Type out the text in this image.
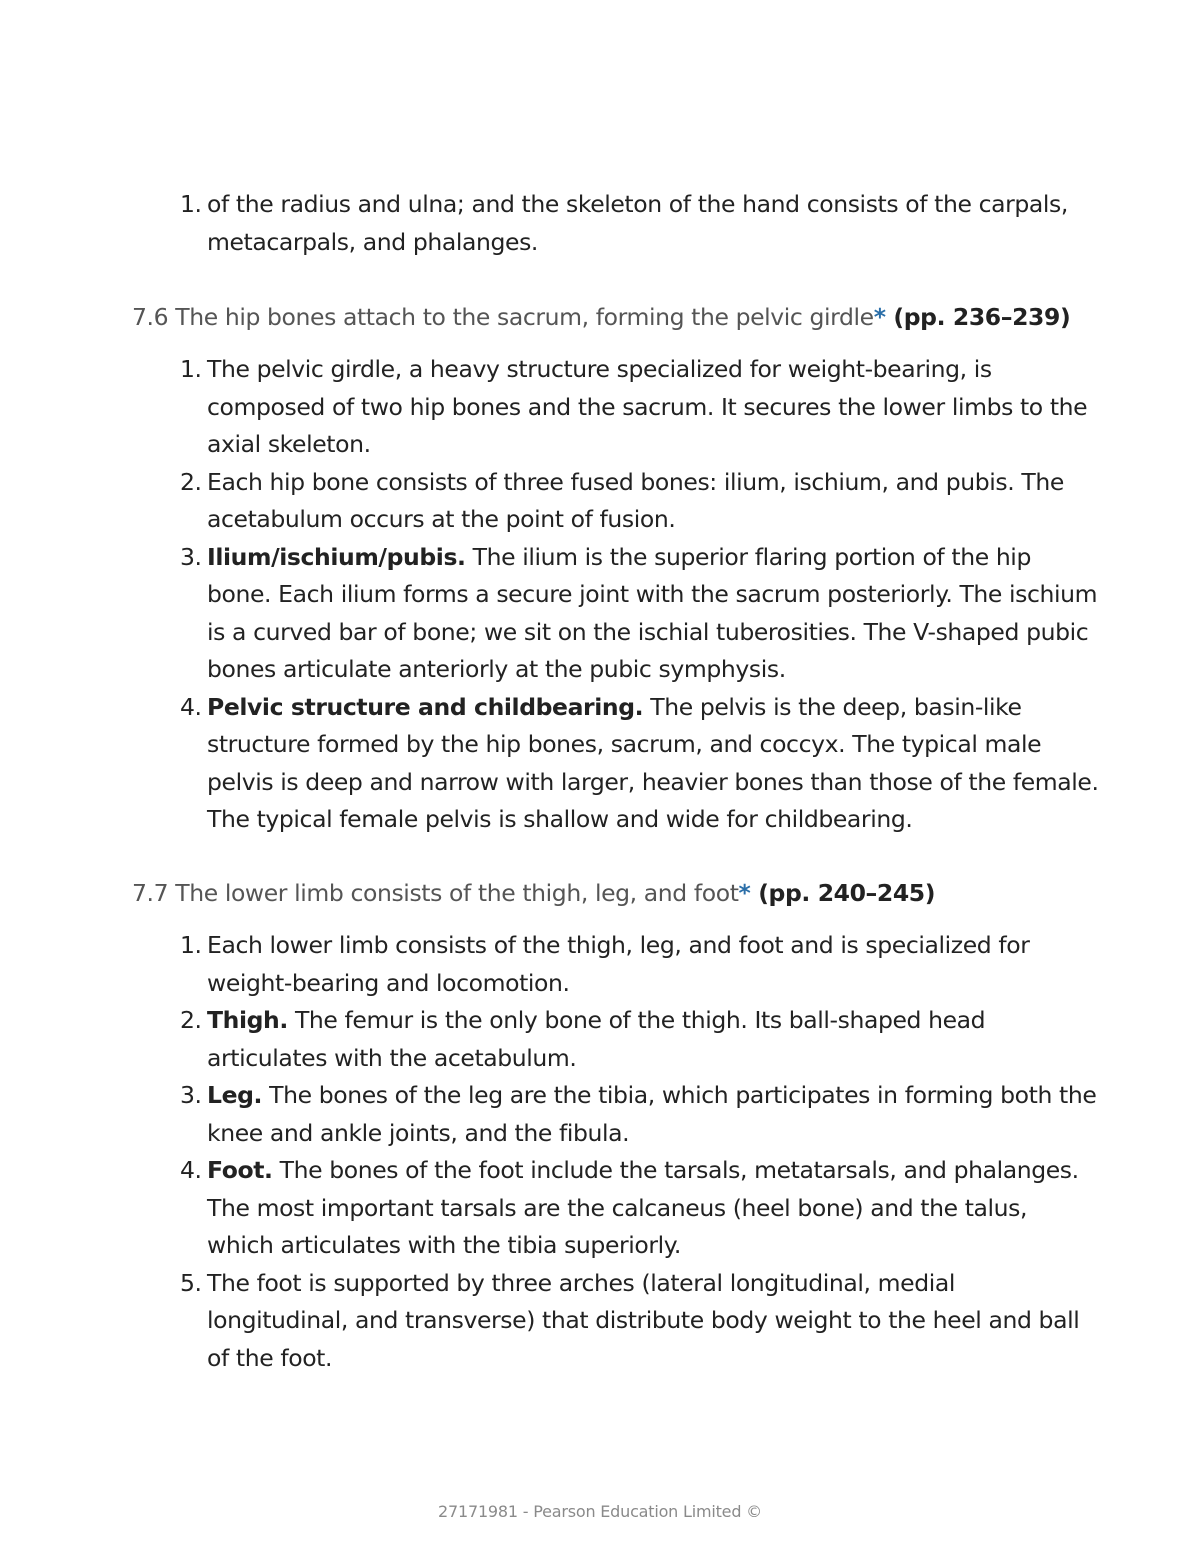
1. of the radius and ulna; and the skeleton of the hand consists of the carpals, metacarpals, and phalanges.
7.6 The hip bones attach to the sacrum, forming the pelvic girdle* (pp. 236–239)
1. The pelvic girdle, a heavy structure specialized for weight-bearing, is composed of two hip bones and the sacrum. It secures the lower limbs to the axial skeleton.
2. Each hip bone consists of three fused bones: ilium, ischium, and pubis. The acetabulum occurs at the point of fusion.
3. Ilium/ischium/pubis. The ilium is the superior flaring portion of the hip bone. Each ilium forms a secure joint with the sacrum posteriorly. The ischium is a curved bar of bone; we sit on the ischial tuberosities. The V-shaped pubic bones articulate anteriorly at the pubic symphysis.
4. Pelvic structure and childbearing. The pelvis is the deep, basin-like structure formed by the hip bones, sacrum, and coccyx. The typical male pelvis is deep and narrow with larger, heavier bones than those of the female. The typical female pelvis is shallow and wide for childbearing.
7.7 The lower limb consists of the thigh, leg, and foot* (pp. 240–245)
1. Each lower limb consists of the thigh, leg, and foot and is specialized for weight-bearing and locomotion.
2. Thigh. The femur is the only bone of the thigh. Its ball-shaped head articulates with the acetabulum.
3. Leg. The bones of the leg are the tibia, which participates in forming both the knee and ankle joints, and the fibula.
4. Foot. The bones of the foot include the tarsals, metatarsals, and phalanges. The most important tarsals are the calcaneus (heel bone) and the talus, which articulates with the tibia superiorly.
5. The foot is supported by three arches (lateral longitudinal, medial longitudinal, and transverse) that distribute body weight to the heel and ball of the foot.
27171981 - Pearson Education Limited ©
